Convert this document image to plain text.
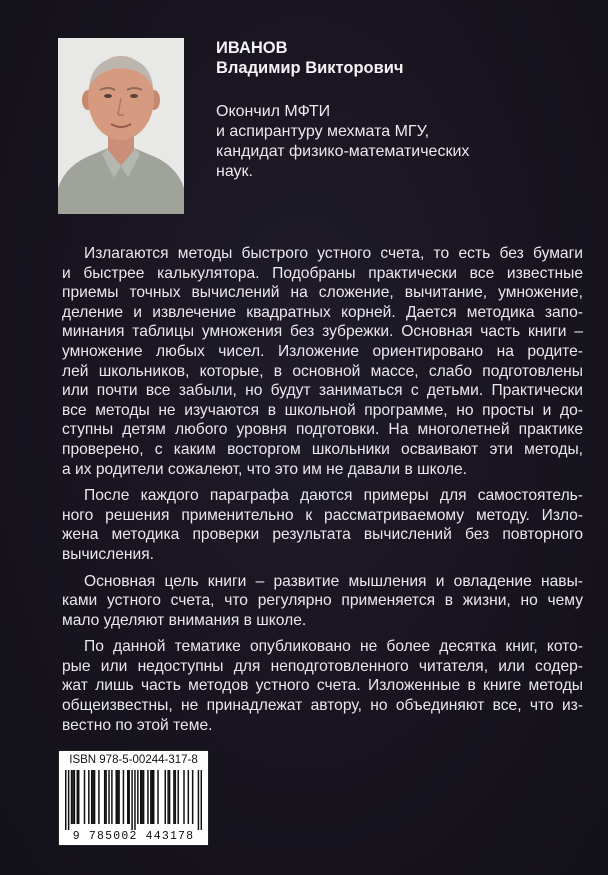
ИВАНОВ
Владимир Викторович
Окончил МФТИ
и аспирантуру мехмата МГУ,
кандидат физико-математических
наук.
Излагаются методы быстрого устного счета, то есть без бумаги
и быстрее калькулятора. Подобраны практически все известные
приемы точных вычислений на сложение, вычитание, умножение,
деление и извлечение квадратных корней. Дается методика запо-
минания таблицы умножения без зубрежки. Основная часть книги –
умножение любых чисел. Изложение ориентировано на родите-
лей школьников, которые, в основной массе, слабо подготовлены
или почти все забыли, но будут заниматься с детьми. Практически
все методы не изучаются в школьной программе, но просты и до-
ступны детям любого уровня подготовки. На многолетней практике
проверено, с каким восторгом школьники осваивают эти методы,
а их родители сожалеют, что это им не давали в школе.
После каждого параграфа даются примеры для самостоятель-
ного решения применительно к рассматриваемому методу. Изло-
жена методика проверки результата вычислений без повторного
вычисления.
Основная цель книги – развитие мышления и овладение навы-
ками устного счета, что регулярно применяется в жизни, но чему
мало уделяют внимания в школе.
По данной тематике опубликовано не более десятка книг, кото-
рые или недоступны для неподготовленного читателя, или содер-
жат лишь часть методов устного счета. Изложенные в книге методы
общеизвестны, не принадлежат автору, но объединяют все, что из-
вестно по этой теме.
ISBN 978-5-00244-317-8
9 785002 443178
